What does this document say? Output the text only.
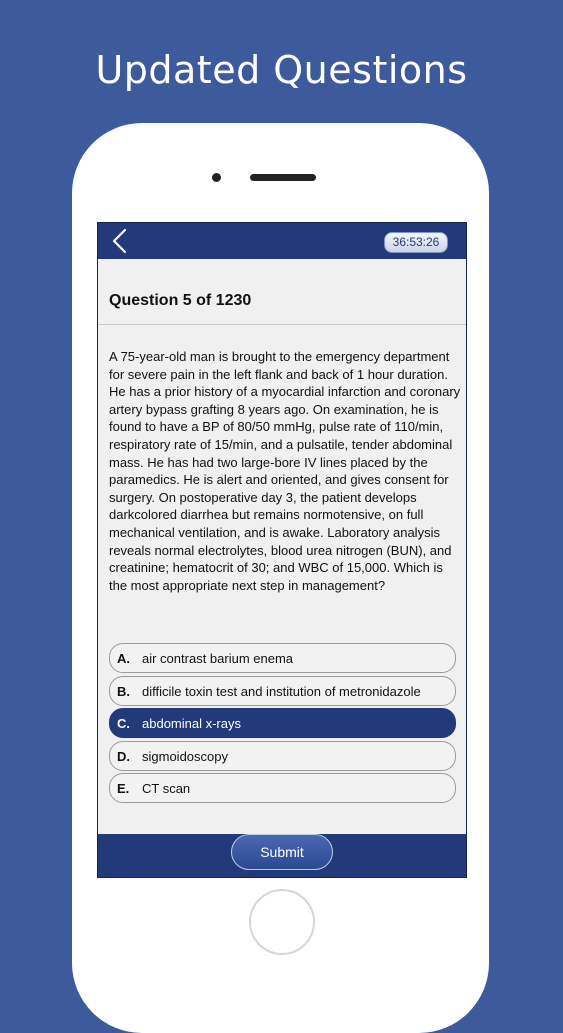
Updated Questions
36:53:26
Question 5 of 1230

A 75-year-old man is brought to the emergency department for severe pain in the left flank and back of 1 hour duration. He has a prior history of a myocardial infarction and coronary artery bypass grafting 8 years ago. On examination, he is found to have a BP of 80/50 mmHg, pulse rate of 110/min, respiratory rate of 15/min, and a pulsatile, tender abdominal mass. He has had two large-bore IV lines placed by the paramedics. He is alert and oriented, and gives consent for surgery. On postoperative day 3, the patient develops darkcolored diarrhea but remains normotensive, on full mechanical ventilation, and is awake. Laboratory analysis reveals normal electrolytes, blood urea nitrogen (BUN), and creatinine; hematocrit of 30; and WBC of 15,000. Which is the most appropriate next step in management?

A. air contrast barium enema
B. difficile toxin test and institution of metronidazole
C. abdominal x-rays
D. sigmoidoscopy
E. CT scan
Submit
